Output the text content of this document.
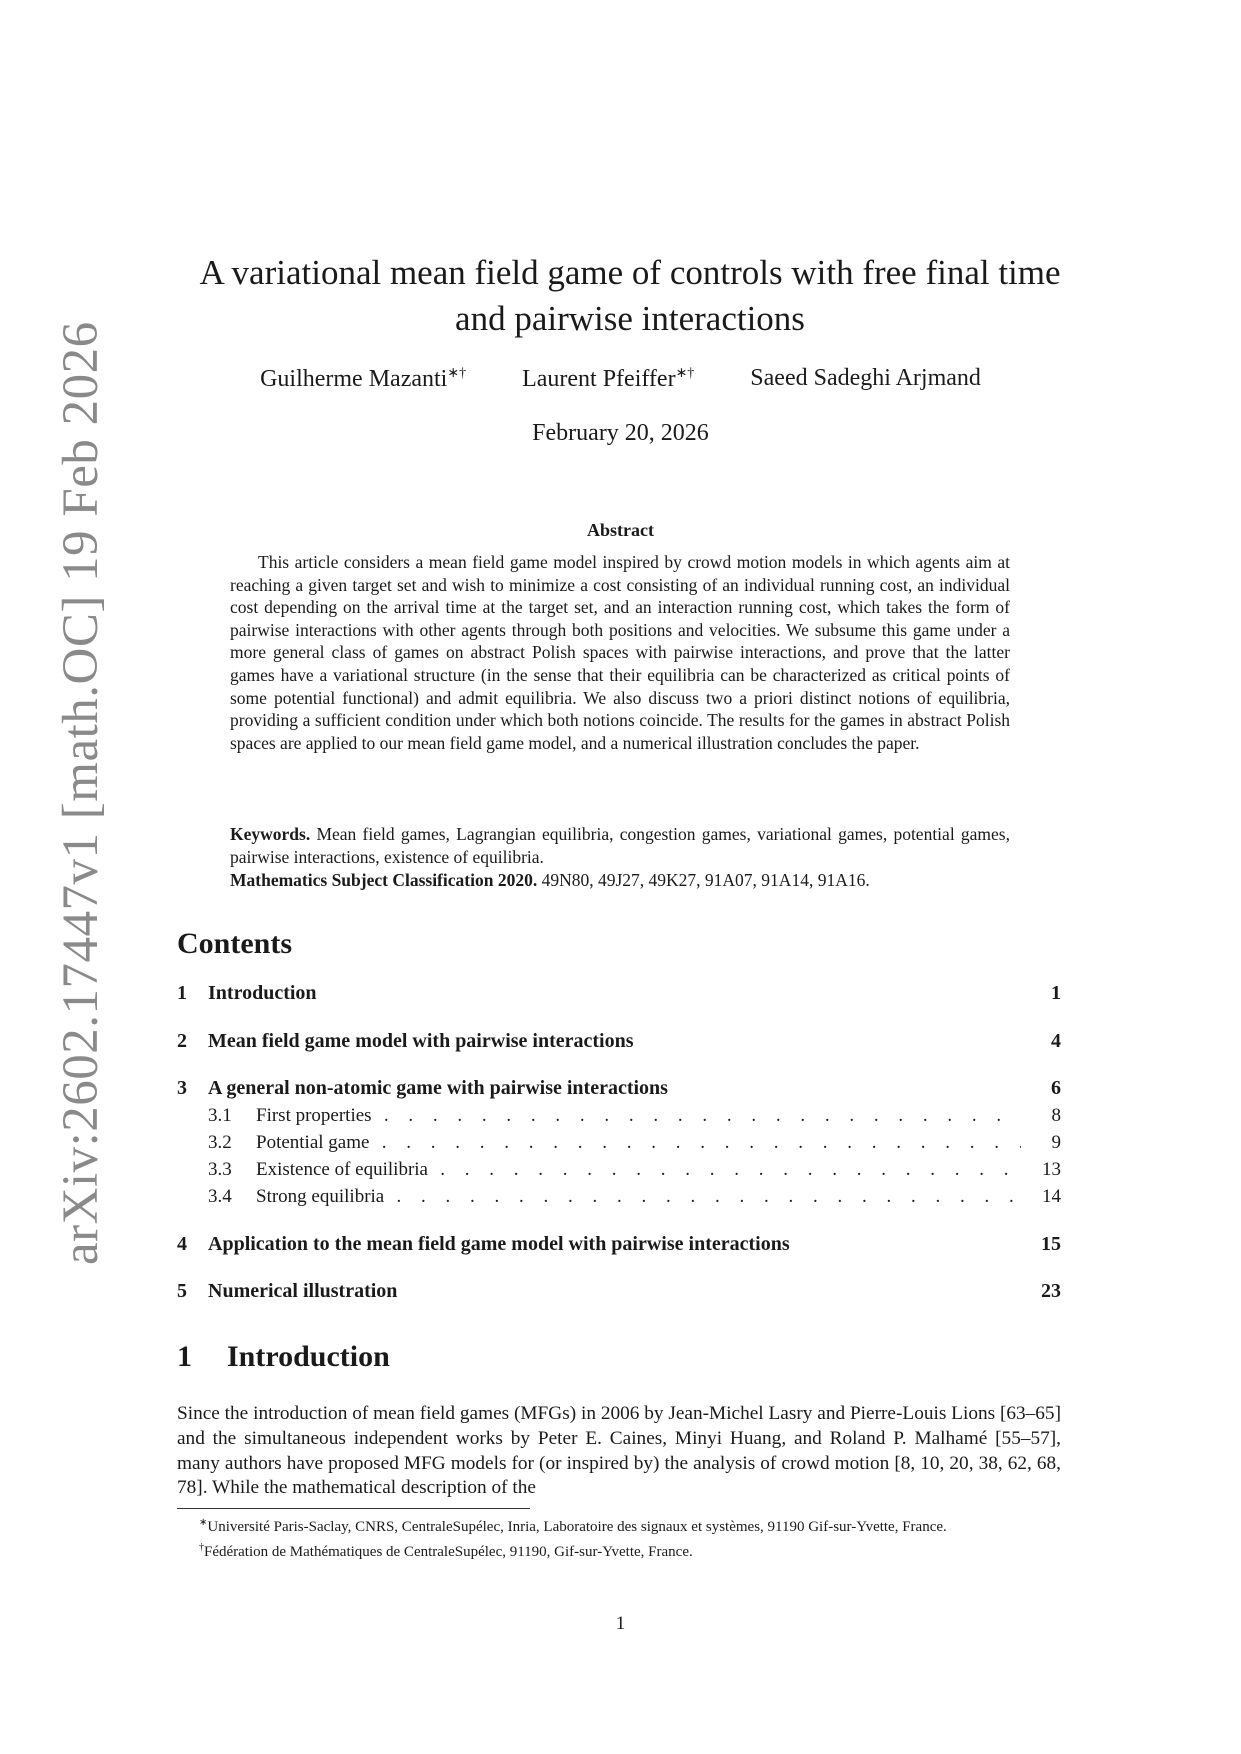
arXiv:2602.17447v1 [math.OC] 19 Feb 2026
A variational mean field game of controls with free final time
and pairwise interactions
Guilherme Mazanti∗† Laurent Pfeiffer∗† Saeed Sadeghi Arjmand
February 20, 2026
Abstract

This article considers a mean field game model inspired by crowd motion models in which agents aim at reaching a given target set and wish to minimize a cost consisting of an individual running cost, an individual cost depending on the arrival time at the target set, and an interaction running cost, which takes the form of pairwise interactions with other agents through both positions and velocities. We subsume this game under a more general class of games on abstract Polish spaces with pairwise interactions, and prove that the latter games have a variational structure (in the sense that their equilibria can be characterized as critical points of some potential functional) and admit equilibria. We also discuss two a priori distinct notions of equilibria, providing a sufficient condition under which both notions coincide. The results for the games in abstract Polish spaces are applied to our mean field game model, and a numerical illustration concludes the paper.

Keywords. Mean field games, Lagrangian equilibria, congestion games, variational games, potential games, pairwise interactions, existence of equilibria.

Mathematics Subject Classification 2020. 49N80, 49J27, 49K27, 91A07, 91A14, 91A16.

Contents
1	Introduction	1
2	Mean field game model with pairwise interactions	4
3	A general non-atomic game with pairwise interactions	6
3.1	First properties . . .	8
3.2	Potential game . . .	9
3.3	Existence of equilibria . . .	13
3.4	Strong equilibria . . .	14
4	Application to the mean field game model with pairwise interactions	15
5	Numerical illustration	23
1 Introduction

Since the introduction of mean field games (MFGs) in 2006 by Jean-Michel Lasry and Pierre-Louis Lions [63–65] and the simultaneous independent works by Peter E. Caines, Minyi Huang, and Roland P. Malhamé [55–57], many authors have proposed MFG models for (or inspired by) the analysis of crowd motion [8, 10, 20, 38, 62, 68, 78]. While the mathematical description of the

∗Université Paris-Saclay, CNRS, CentraleSupélec, Inria, Laboratoire des signaux et systèmes, 91190 Gif-sur-Yvette, France.

†Fédération de Mathématiques de CentraleSupélec, 91190, Gif-sur-Yvette, France.

1
